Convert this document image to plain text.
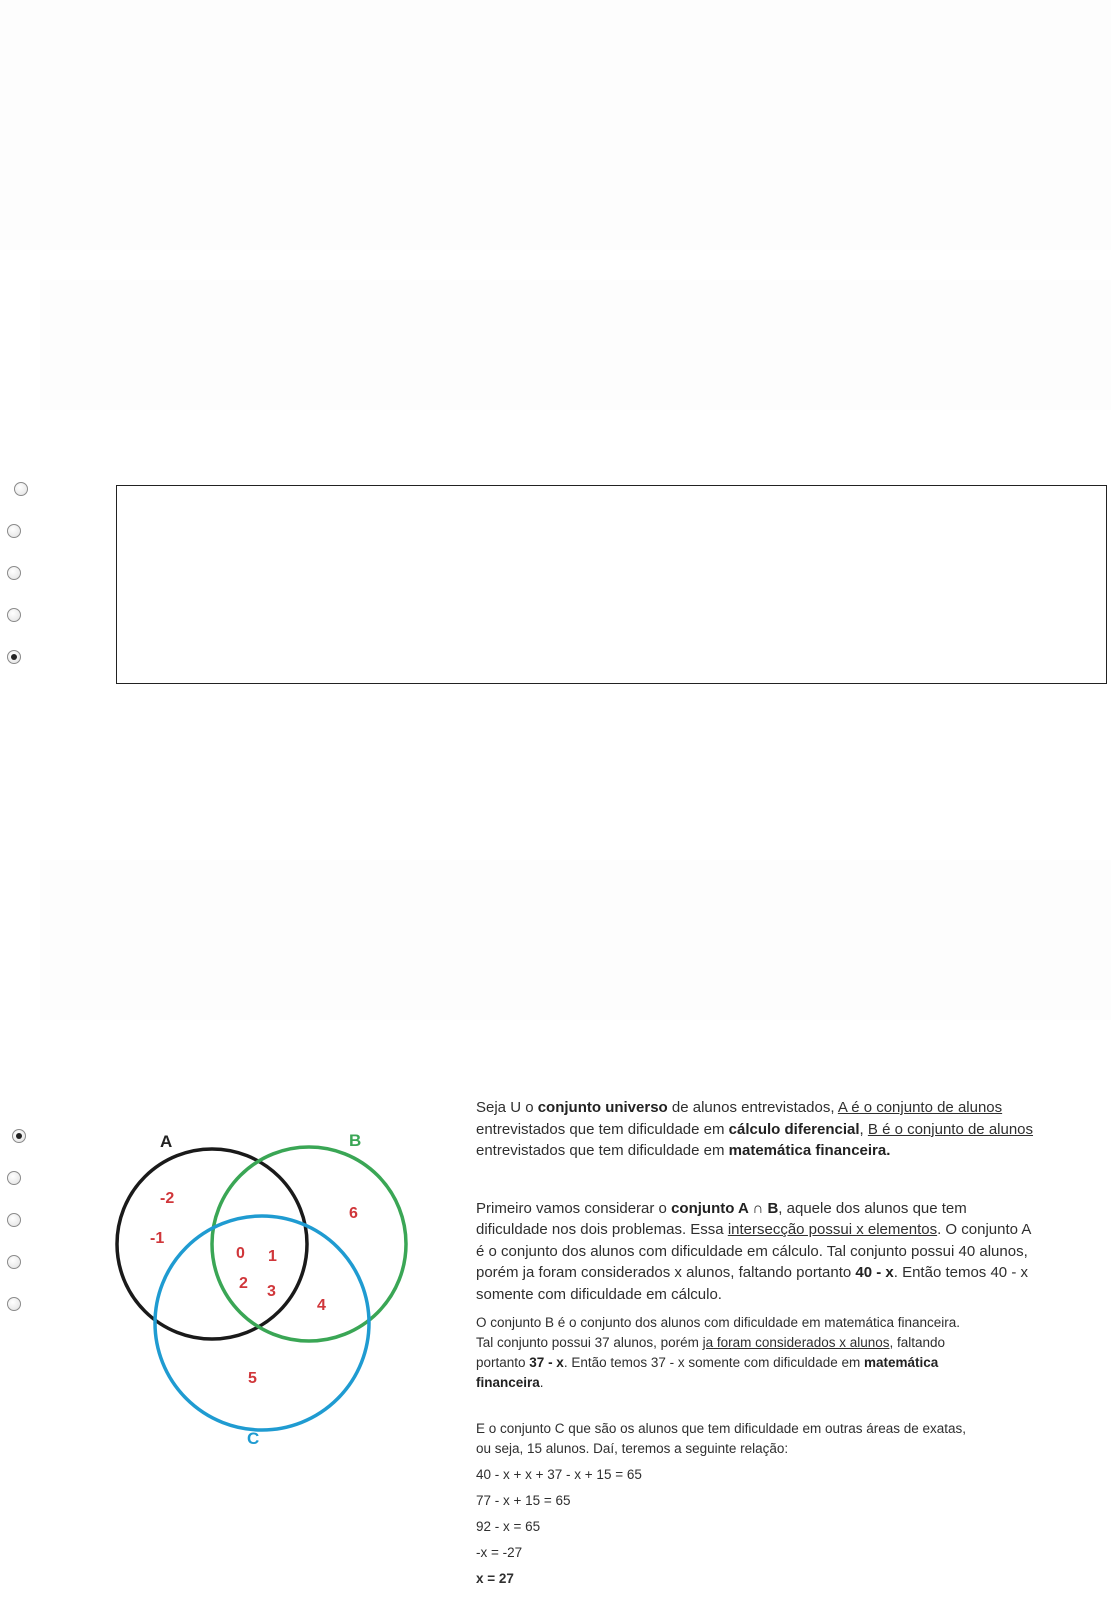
A	B
C
-2
-1
0 1
2 3
4
6
5

Seja U o conjunto universo de alunos entrevistados, A é o conjunto de alunos entrevistados que tem dificuldade em cálculo diferencial, B é o conjunto de alunos entrevistados que tem dificuldade em matemática financeira.

Primeiro vamos considerar o conjunto A ∩ B, aquele dos alunos que tem dificuldade nos dois problemas. Essa intersecção possui x elementos. O conjunto A é o conjunto dos alunos com dificuldade em cálculo. Tal conjunto possui 40 alunos, porém ja foram considerados x alunos, faltando portanto 40 - x. Então temos 40 - x somente com dificuldade em cálculo.

O conjunto B é o conjunto dos alunos com dificuldade em matemática financeira. Tal conjunto possui 37 alunos, porém ja foram considerados x alunos, faltando portanto 37 - x. Então temos 37 - x somente com dificuldade em matemática financeira.

E o conjunto C que são os alunos que tem dificuldade em outras áreas de exatas, ou seja, 15 alunos. Daí, teremos a seguinte relação:

40 - x + x + 37 - x + 15 = 65

77 - x + 15 = 65

92 - x = 65

-x = -27

x = 27
